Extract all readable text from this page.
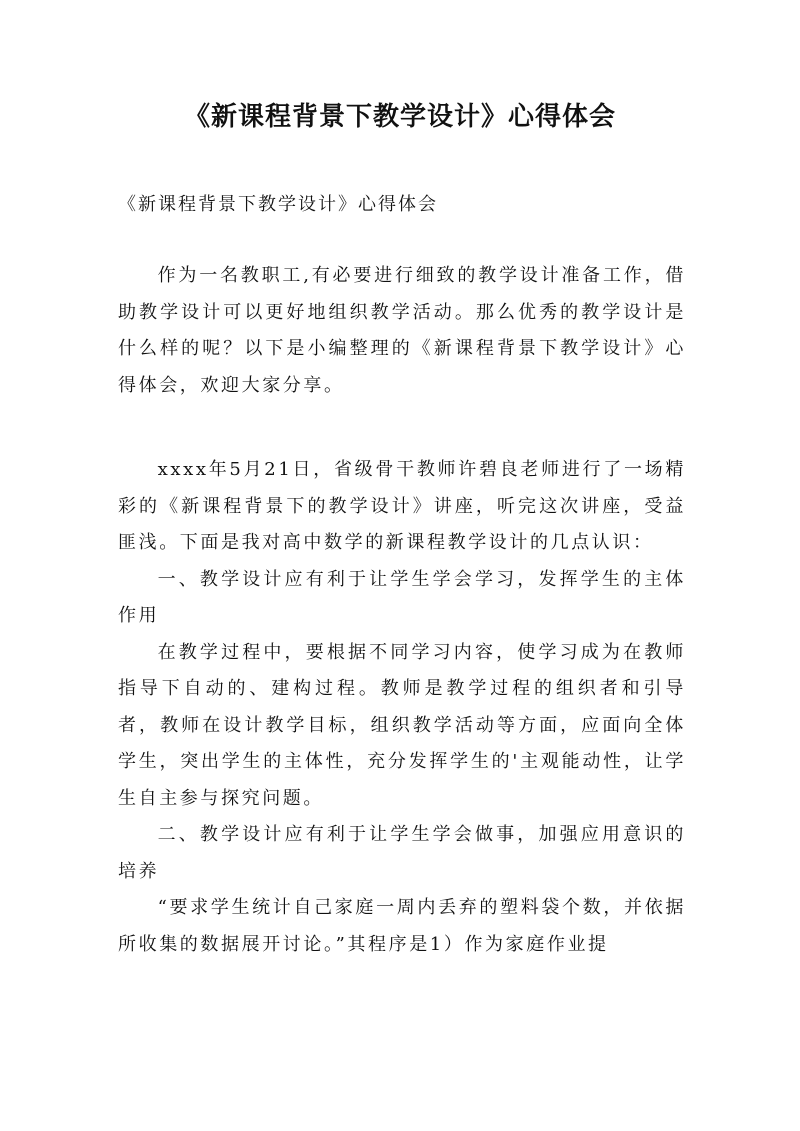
《新课程背景下教学设计》心得体会
《新课程背景下教学设计》心得体会

作为一名教职工,有必要进行细致的教学设计准备工作，借助教学设计可以更好地组织教学活动。那么优秀的教学设计是什么样的呢？以下是小编整理的《新课程背景下教学设计》心得体会，欢迎大家分享。

xxxx年5月21日，省级骨干教师许碧良老师进行了一场精彩的《新课程背景下的教学设计》讲座，听完这次讲座，受益匪浅。下面是我对高中数学的新课程教学设计的几点认识：

一、教学设计应有利于让学生学会学习，发挥学生的主体作用

在教学过程中，要根据不同学习内容，使学习成为在教师指导下自动的、建构过程。教师是教学过程的组织者和引导者，教师在设计教学目标，组织教学活动等方面，应面向全体学生，突出学生的主体性，充分发挥学生的'主观能动性，让学生自主参与探究问题。

二、教学设计应有利于让学生学会做事，加强应用意识的培养

“要求学生统计自己家庭一周内丢弃的塑料袋个数，并依据所收集的数据展开讨论。”其程序是1）作为家庭作业提
